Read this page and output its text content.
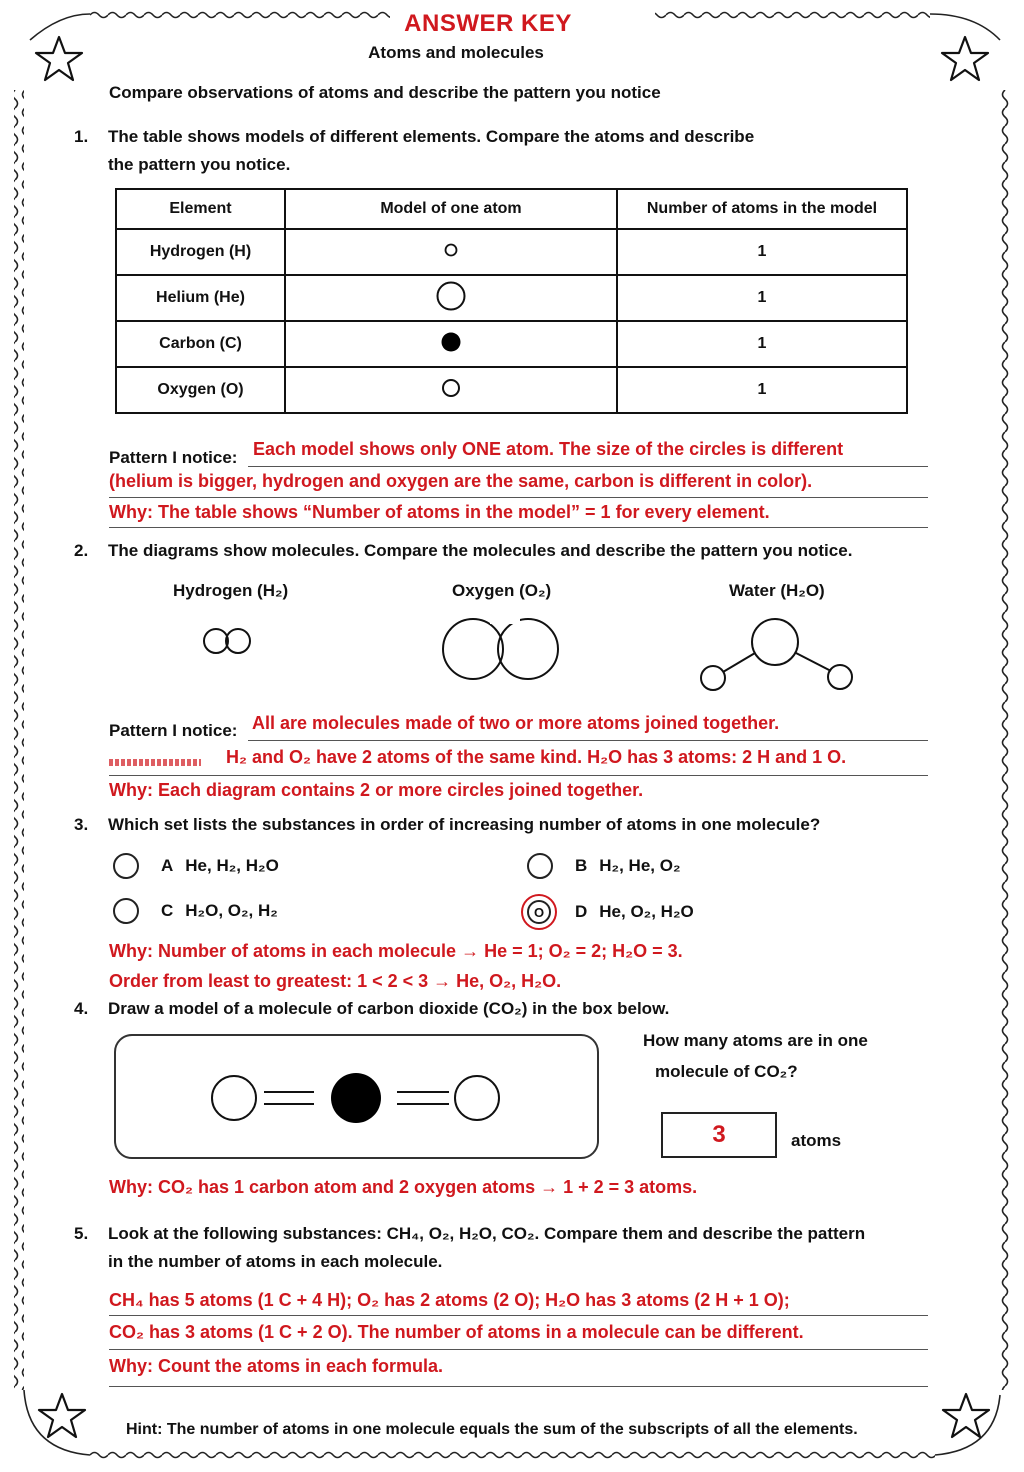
ANSWER KEY
Atoms and molecules
Compare observations of atoms and describe the pattern you notice
1. The table shows models of different elements. Compare the atoms and describe
the pattern you notice.
Element	Model of one atom	Number of atoms in the model
Hydrogen (H)		1
Helium (He)		1
Carbon (C)		1
Oxygen (O)		1
Pattern I notice: Each model shows only ONE atom. The size of the circles is different
(helium is bigger, hydrogen and oxygen are the same, carbon is different in color).
Why: The table shows “Number of atoms in the model” = 1 for every element.
2. The diagrams show molecules. Compare the molecules and describe the pattern you notice.
Hydrogen (H₂)	Oxygen (O₂)	Water (H₂O)
Pattern I notice: All are molecules made of two or more atoms joined together.
H₂ and O₂ have 2 atoms of the same kind. H₂O has 3 atoms: 2 H and 1 O.
Why: Each diagram contains 2 or more circles joined together.
3. Which set lists the substances in order of increasing number of atoms in one molecule?
A He, H₂, H₂O	B H₂, He, O₂
C H₂O, O₂, H₂	O	D He, O₂, H₂O
Why: Number of atoms in each molecule → He = 1; O₂ = 2; H₂O = 3.
Order from least to greatest: 1 < 2 < 3 → He, O₂, H₂O.
4. Draw a model of a molecule of carbon dioxide (CO₂) in the box below.
How many atoms are in one
molecule of CO₂?
3	atoms
Why: CO₂ has 1 carbon atom and 2 oxygen atoms → 1 + 2 = 3 atoms.
5. Look at the following substances: CH₄, O₂, H₂O, CO₂. Compare them and describe the pattern
in the number of atoms in each molecule.
CH₄ has 5 atoms (1 C + 4 H); O₂ has 2 atoms (2 O); H₂O has 3 atoms (2 H + 1 O);
CO₂ has 3 atoms (1 C + 2 O). The number of atoms in a molecule can be different.
Why: Count the atoms in each formula.
Hint: The number of atoms in one molecule equals the sum of the subscripts of all the elements.
